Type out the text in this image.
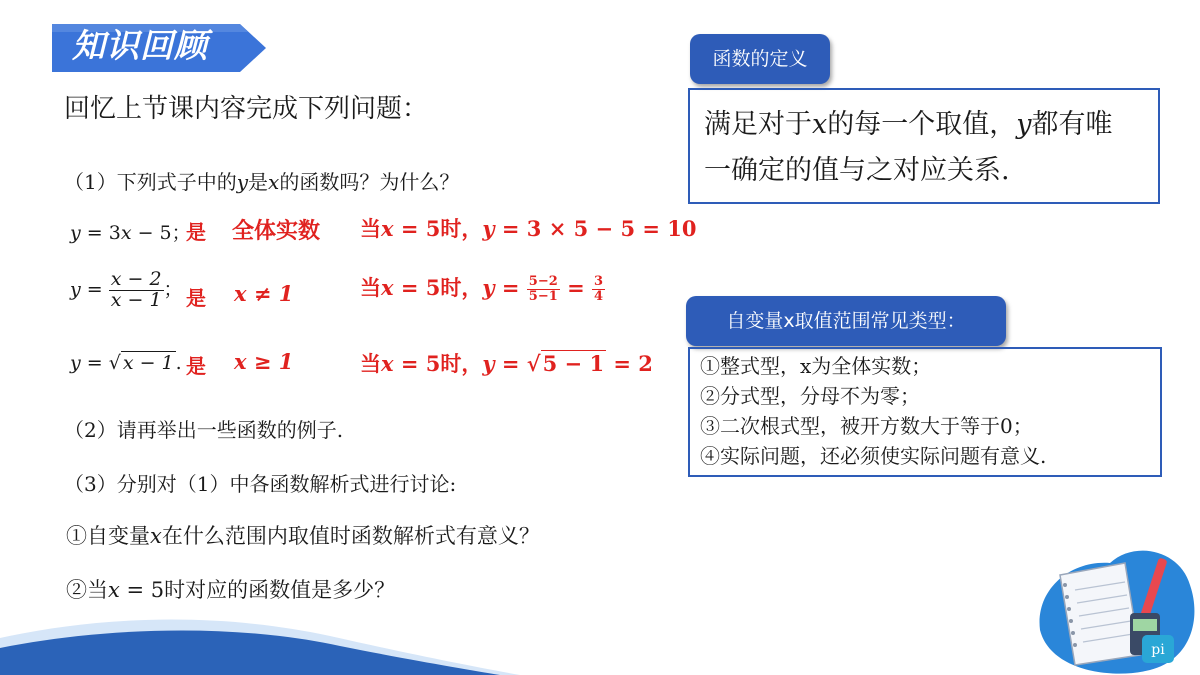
pi
知识回顾
回忆上节课内容完成下列问题：
（1）下列式子中的y是x的函数吗？为什么？
y = 3x − 5；
是 全体实数 当x = 5时，y = 3 × 5 − 5 = 10
$y = \frac{x - 2}{x - 1}$ ； 是 x ≠ 1	当x = 5时，$y = \frac{5-2}{5-1} = \frac{3}{4}$
y = √ x − 1 . 是 x ≥ 1	当x = 5时，y = √5 − 1 = 2
（2）请再举出一些函数的例子.
（3）分别对（1）中各函数解析式进行讨论:
①自变量x在什么范围内取值时函数解析式有意义？
②当x = 5时对应的函数值是多少？
函数的定义
满足对于x的每一个取值，y都有唯
一确定的值与之对应关系.
自变量x取值范围常见类型：
①整式型，x为全体实数；
②分式型，分母不为零；
③二次根式型，被开方数大于等于0；
④实际问题，还必须使实际问题有意义.
